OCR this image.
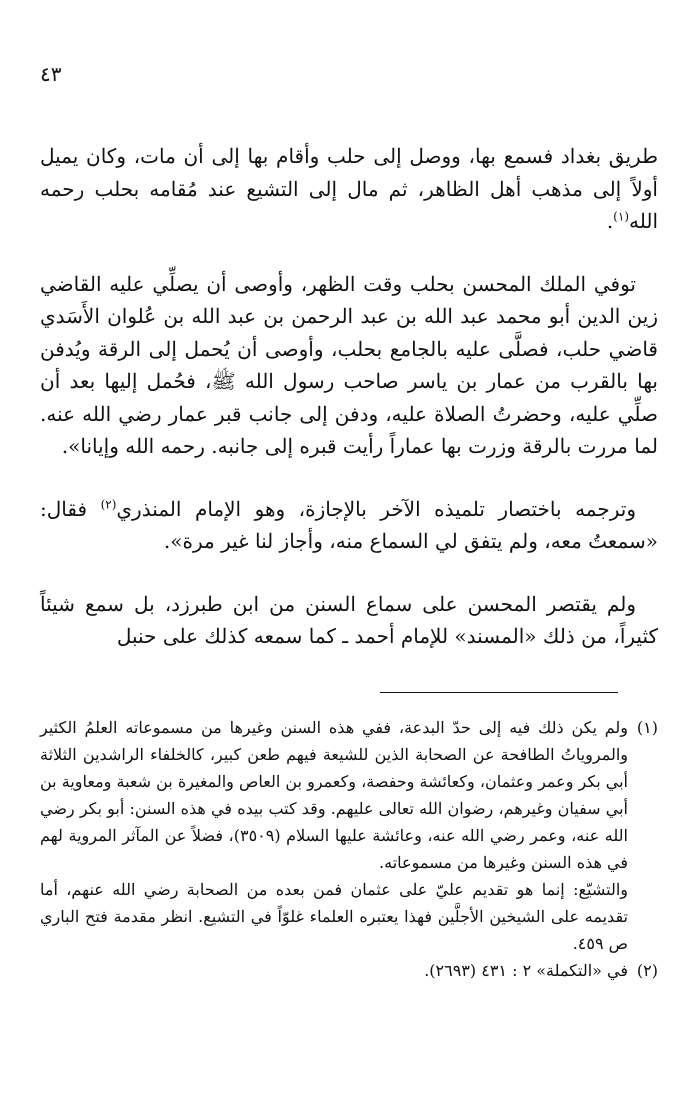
٤٣

طريق بغداد فسمع بها، ووصل إلى حلب وأقام بها إلى أن مات، وكان يميل أولاً إلى مذهب أهل الظاهر، ثم مال إلى التشيع عند مُقامه بحلب رحمه الله$^{(١)}$.

توفي الملك المحسن بحلب وقت الظهر، وأوصى أن يصلِّي عليه القاضي زين الدين أبو محمد عبد الله بن عبد الرحمن بن عبد الله بن عُلوان الأَسَدي قاضي حلب، فصلَّى عليه بالجامع بحلب، وأوصى أن يُحمل إلى الرقة ويُدفن بها بالقرب من عمار بن ياسر صاحب رسول الله ﷺ، فحُمل إليها بعد أن صلِّي عليه، وحضرتُ الصلاة عليه، ودفن إلى جانب قبر عمار رضي الله عنه. لما مررت بالرقة وزرت بها عماراً رأيت قبره إلى جانبه. رحمه الله وإيانا».

وترجمه باختصار تلميذه الآخر بالإجازة، وهو الإمام المنذري$^{(٢)}$ فقال: «سمعتُ معه، ولم يتفق لي السماع منه، وأجاز لنا غير مرة».

ولم يقتصر المحسن على سماع السنن من ابن طبرزد، بل سمع شيئاً كثيراً، من ذلك «المسند» للإمام أحمد ـ كما سمعه كذلك على حنبل

(١)
ولم يكن ذلك فيه إلى حدّ البدعة، ففي هذه السنن وغيرها من مسموعاته العلمُ الكثير والمروياتُ الطافحة عن الصحابة الذين للشيعة فيهم طعن كبير، كالخلفاء الراشدين الثلاثة أبي بكر وعمر وعثمان، وكعائشة وحفصة، وكعمرو بن العاص والمغيرة بن شعبة ومعاوية بن أبي سفيان وغيرهم، رضوان الله تعالى عليهم. وقد كتب بيده في هذه السنن: أبو بكر رضي الله عنه، وعمر رضي الله عنه، وعائشة عليها السلام (٣٥٠٩)، فضلاً عن المآثر المروية لهم في هذه السنن وغيرها من مسموعاته.

والتشيّع: إنما هو تقديم عليّ على عثمان فمن بعده من الصحابة رضي الله عنهم، أما تقديمه على الشيخين الأجلَّين فهذا يعتبره العلماء غلوّاً في التشيع. انظر مقدمة فتح الباري ص ٤٥٩.

(٢)
في «التكملة» ٢ : ٤٣١ (٢٦٩٣).
